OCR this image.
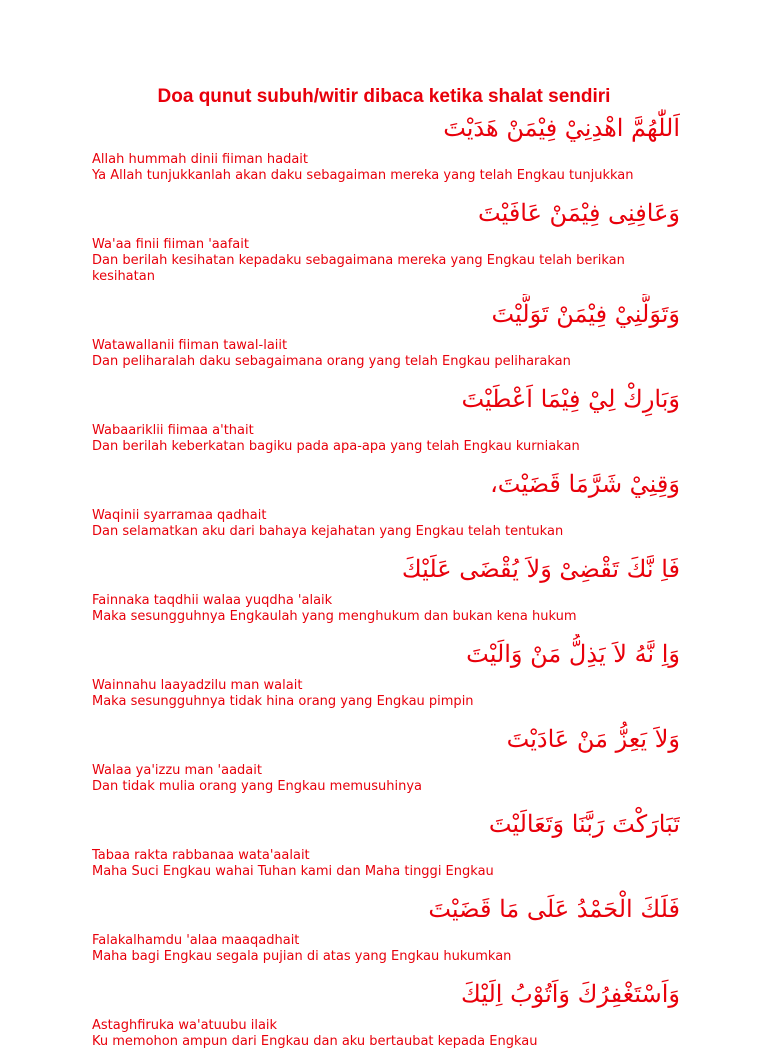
Doa qunut subuh/witir dibaca ketika shalat sendiri
اَللّٰهُمَّ اهْدِنِيْ فِيْمَنْ هَدَيْتَ
Allah hummah dinii fiiman hadait
Ya Allah tunjukkanlah akan daku sebagaiman mereka yang telah Engkau tunjukkan
وَعَافِنِى فِيْمَنْ عَافَيْتَ
Wa'aa finii fiiman 'aafait
Dan berilah kesihatan kepadaku sebagaimana mereka yang Engkau telah berikan kesihatan
وَتَوَلَّنِيْ فِيْمَنْ تَوَلَّيْتَ
Watawallanii fiiman tawal-laiit
Dan peliharalah daku sebagaimana orang yang telah Engkau peliharakan
وَبَارِكْ لِيْ فِيْمَا اَعْطَيْتَ
Wabaariklii fiimaa a'thait
Dan berilah keberkatan bagiku pada apa-apa yang telah Engkau kurniakan
وَقِنِيْ شَرَّمَا قَضَيْتَ،
Waqinii syarramaa qadhait
Dan selamatkan aku dari bahaya kejahatan yang Engkau telah tentukan
فَاِ نَّكَ تَقْضِىْ وَلاَ يُقْضَى عَلَيْكَ
Fainnaka taqdhii walaa yuqdha 'alaik
Maka sesungguhnya Engkaulah yang menghukum dan bukan kena hukum
وَاِ نَّهُ لاَ يَذِلُّ مَنْ وَالَيْتَ
Wainnahu laayadzilu man walait
Maka sesungguhnya tidak hina orang yang Engkau pimpin
وَلاَ يَعِزُّ مَنْ عَادَيْتَ
Walaa ya'izzu man 'aadait
Dan tidak mulia orang yang Engkau memusuhinya
تَبَارَكْتَ رَبَّنَا وَتَعَالَيْتَ
Tabaa rakta rabbanaa wata'aalait
Maha Suci Engkau wahai Tuhan kami dan Maha tinggi Engkau
فَلَكَ الْحَمْدُ عَلَى مَا قَضَيْتَ
Falakalhamdu 'alaa maaqadhait
Maha bagi Engkau segala pujian di atas yang Engkau hukumkan
وَاَسْتَغْفِرُكَ وَاَتُوْبُ اِلَيْكَ
Astaghfiruka wa'atuubu ilaik
Ku memohon ampun dari Engkau dan aku bertaubat kepada Engkau
